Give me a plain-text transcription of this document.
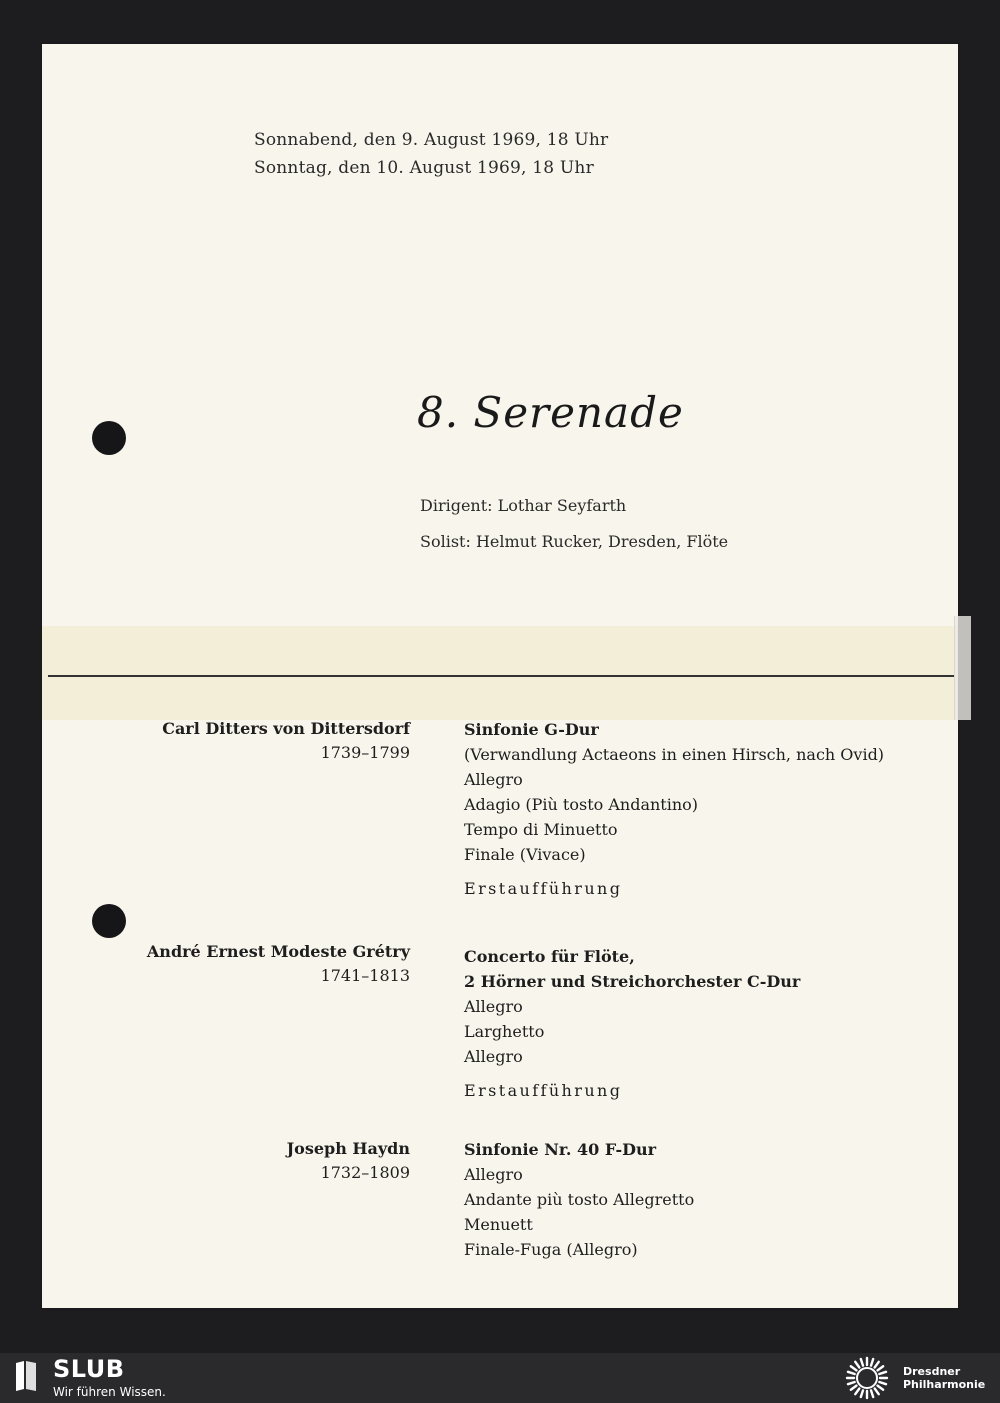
Sonnabend, den 9. August 1969, 18 Uhr
Sonntag, den 10. August 1969, 18 Uhr
8. Serenade
Dirigent: Lothar Seyfarth
Solist: Helmut Rucker, Dresden, Flöte
Carl Ditters von Dittersdorf
1739–1799
Sinfonie G-Dur
(Verwandlung Actaeons in einen Hirsch, nach Ovid)
Allegro
Adagio (Più tosto Andantino)
Tempo di Minuetto
Finale (Vivace)
Erstaufführung
André Ernest Modeste Grétry
1741–1813
Concerto für Flöte,
2 Hörner und Streichorchester C-Dur
Allegro
Larghetto
Allegro
Erstaufführung
Joseph Haydn
1732–1809
Sinfonie Nr. 40 F-Dur
Allegro
Andante più tosto Allegretto
Menuett
Finale-Fuga (Allegro)
SLUB
Wir führen Wissen.
Dresdner
Philharmonie
